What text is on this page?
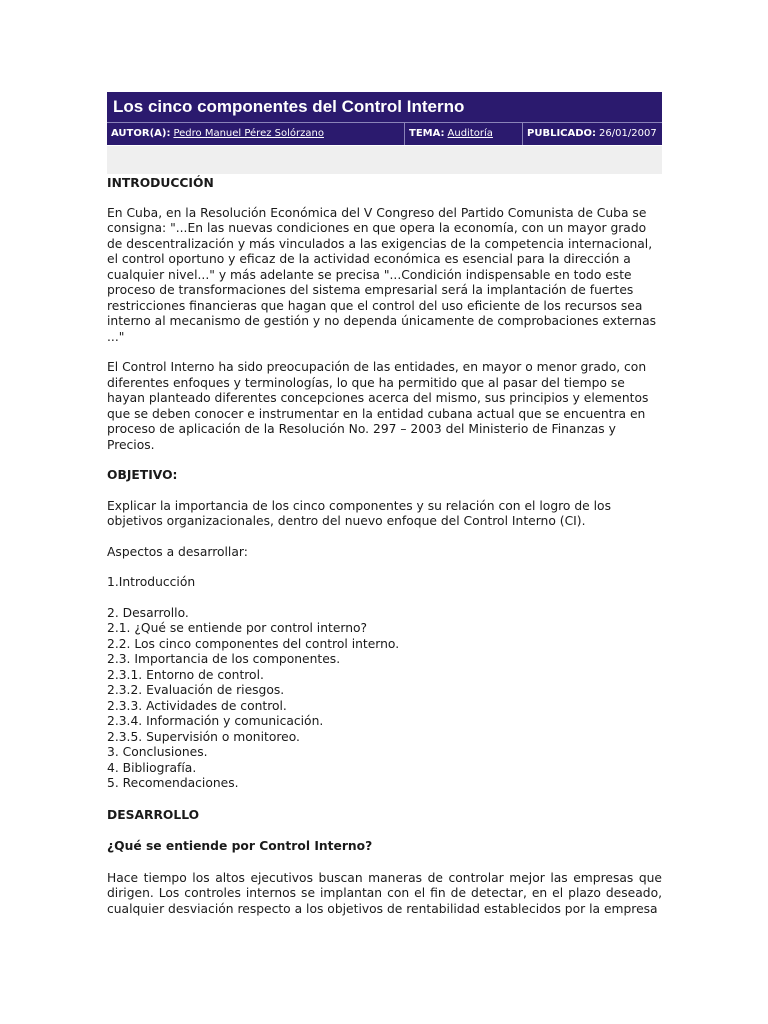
Los cinco componentes del Control Interno
AUTOR(A): Pedro Manuel Pérez Solórzano	TEMA: Auditoría	PUBLICADO: 26/01/2007
INTRODUCCIÓN
En Cuba, en la Resolución Económica del V Congreso del Partido Comunista de Cuba se consigna: "...En las nuevas condiciones en que opera la economía, con un mayor grado de descentralización y más vinculados a las exigencias de la competencia internacional, el control oportuno y eficaz de la actividad económica es esencial para la dirección a cualquier nivel..." y más adelante se precisa "...Condición indispensable en todo este proceso de transformaciones del sistema empresarial será la implantación de fuertes restricciones financieras que hagan que el control del uso eficiente de los recursos sea interno al mecanismo de gestión y no dependa únicamente de comprobaciones externas ..."
El Control Interno ha sido preocupación de las entidades, en mayor o menor grado, con diferentes enfoques y terminologías, lo que ha permitido que al pasar del tiempo se hayan planteado diferentes concepciones acerca del mismo, sus principios y elementos que se deben conocer e instrumentar en la entidad cubana actual que se encuentra en proceso de aplicación de la Resolución No. 297 – 2003 del Ministerio de Finanzas y Precios.
OBJETIVO:
Explicar la importancia de los cinco componentes y su relación con el logro de los objetivos organizacionales, dentro del nuevo enfoque del Control Interno (CI).
Aspectos a desarrollar:
1.Introducción
2. Desarrollo.
2.1. ¿Qué se entiende por control interno?
2.2. Los cinco componentes del control interno.
2.3. Importancia de los componentes.
2.3.1. Entorno de control.
2.3.2. Evaluación de riesgos.
2.3.3. Actividades de control.
2.3.4. Información y comunicación.
2.3.5. Supervisión o monitoreo.
3. Conclusiones.
4. Bibliografía.
5. Recomendaciones.
DESARROLLO
¿Qué se entiende por Control Interno?
Hace tiempo los altos ejecutivos buscan maneras de controlar mejor las empresas que dirigen. Los controles internos se implantan con el fin de detectar, en el plazo deseado, cualquier desviación respecto a los objetivos de rentabilidad establecidos por la empresa
